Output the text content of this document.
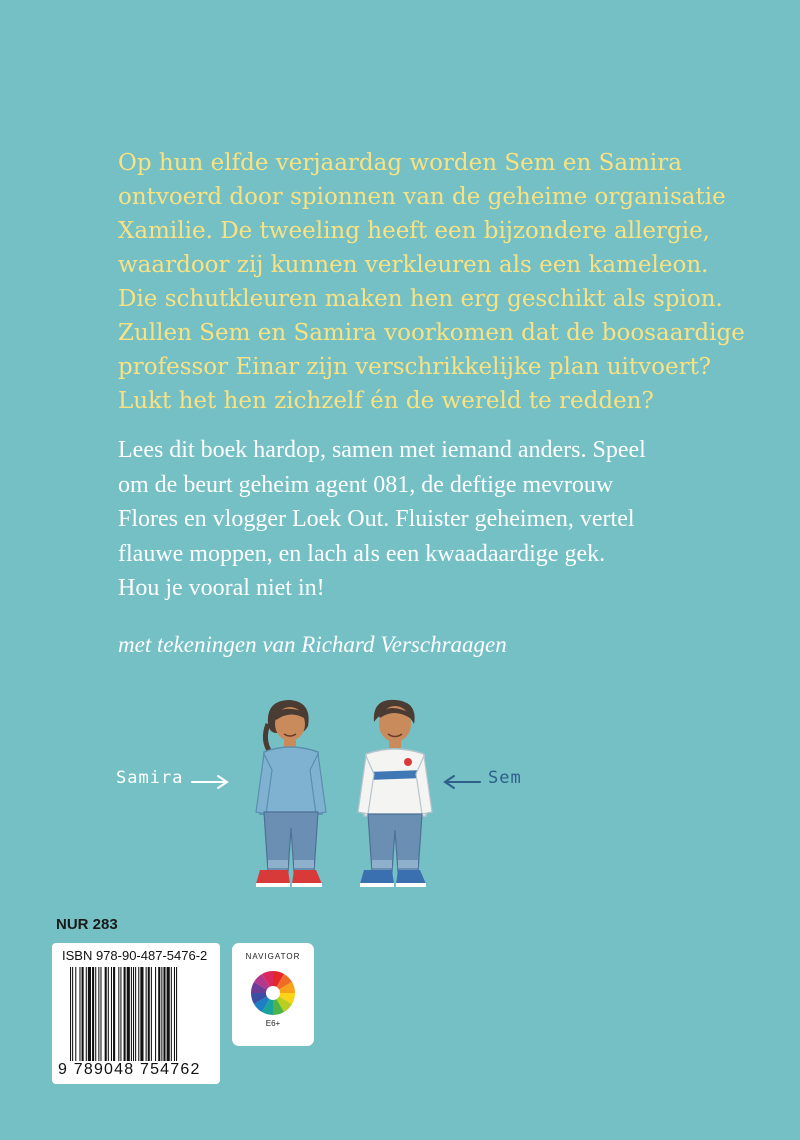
Op hun elfde verjaardag worden Sem en Samira
ontvoerd door spionnen van de geheime organisatie
Xamilie. De tweeling heeft een bijzondere allergie,
waardoor zij kunnen verkleuren als een kameleon.
Die schutkleuren maken hen erg geschikt als spion.
Zullen Sem en Samira voorkomen dat de boosaardige
professor Einar zijn verschrikkelijke plan uitvoert?
Lukt het hen zichzelf én de wereld te redden?

Lees dit boek hardop, samen met iemand anders. Speel
om de beurt geheim agent 081, de deftige mevrouw
Flores en vlogger Loek Out. Fluister geheimen, vertel
flauwe moppen, en lach als een kwaadaardige gek.
Hou je vooral niet in!

met tekeningen van Richard Verschraagen

Samira	Sem
NUR 283
ISBN 978-90-487-5476-2
9 789048 754762
NAVIGATOR
E6+
